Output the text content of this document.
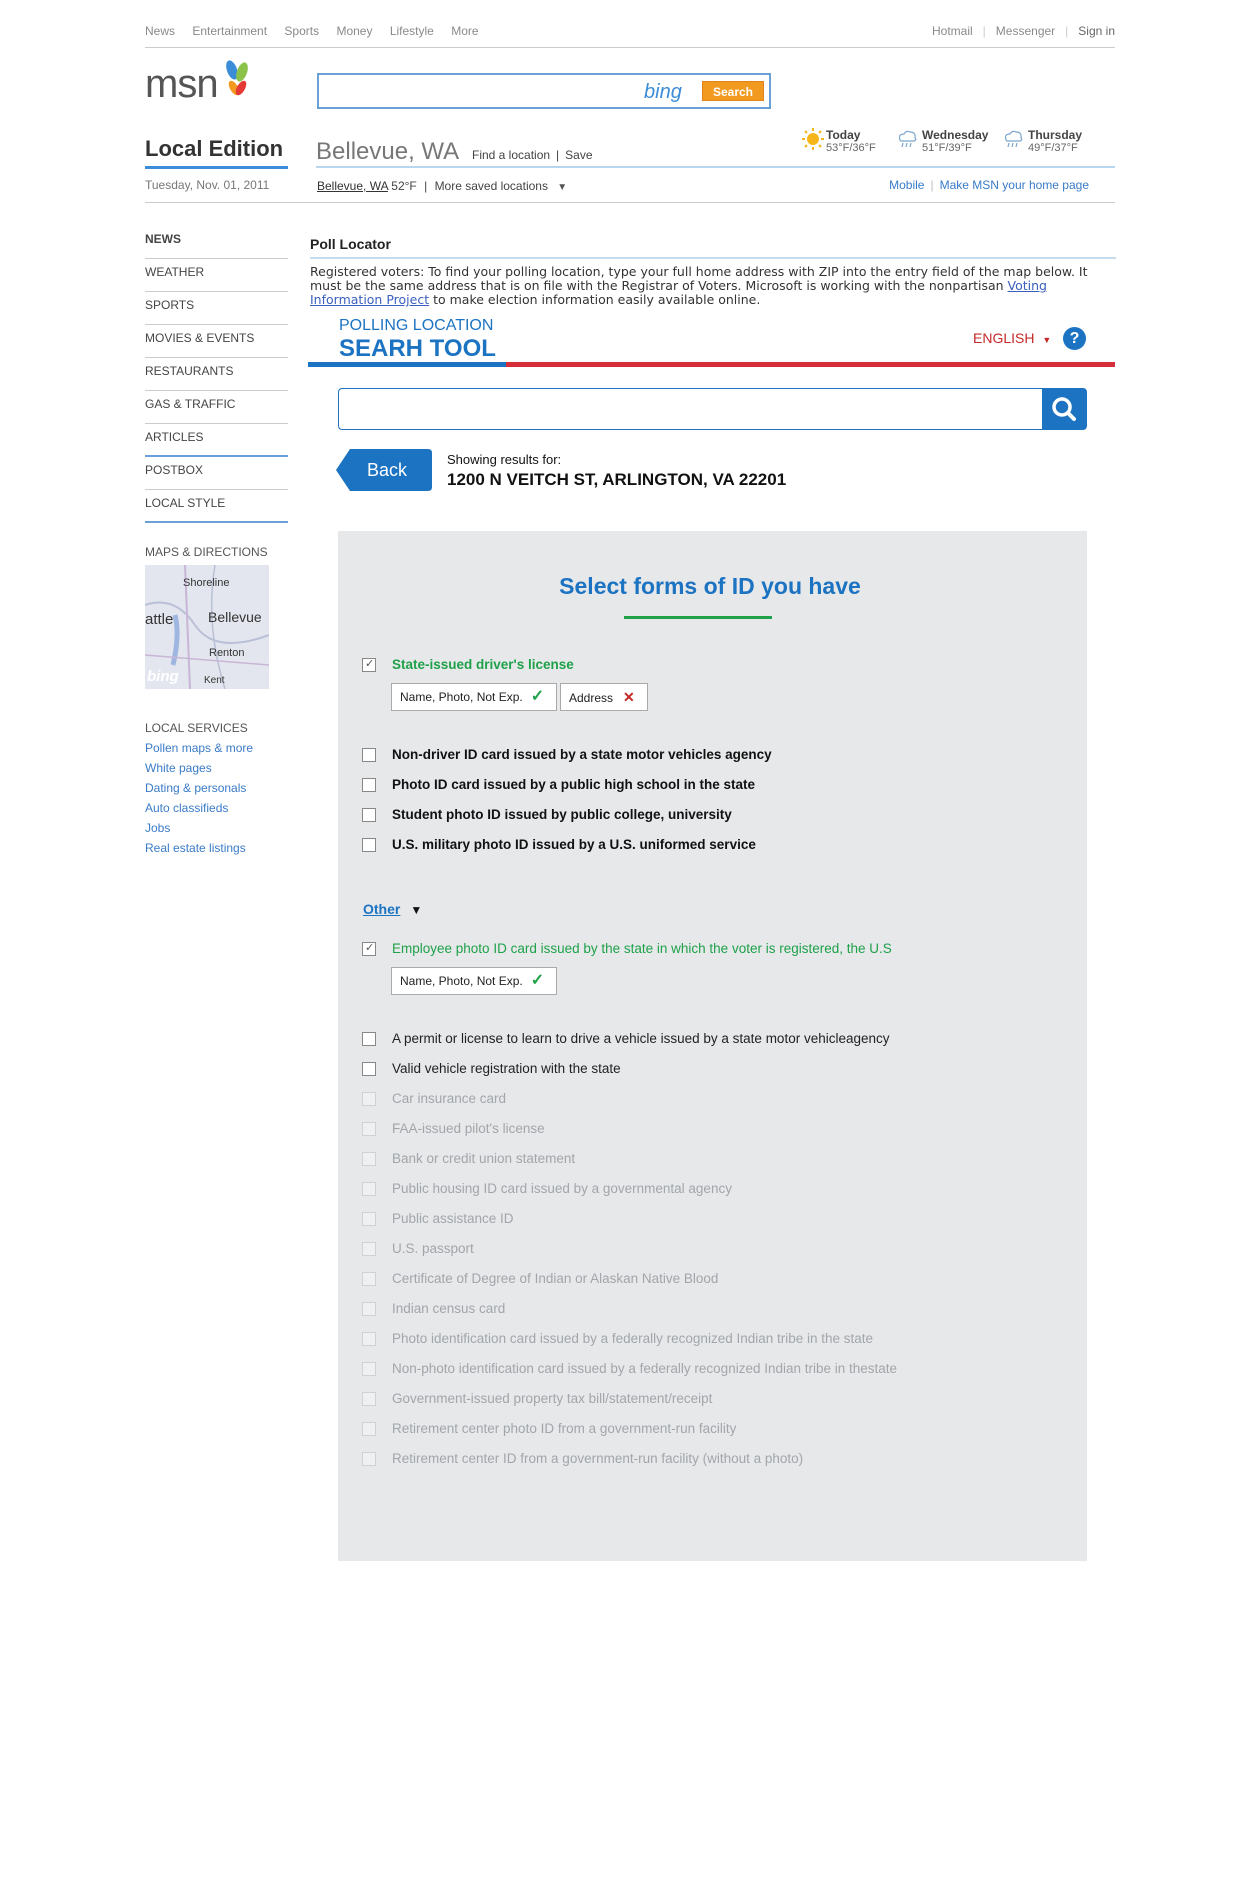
News Entertainment Sports Money Lifestyle More	Hotmail | Messenger | Sign in
msn	bing	Search
Local Edition Bellevue, WA Find a location | Save
Today
53°F/36°F
Wednesday
51°F/39°F
Thursday
49°F/37°F
Tuesday, Nov. 01, 2011	Bellevue, WA 52°F | More saved locations ▼	Mobile | Make MSN your home page
NEWS
WEATHER
SPORTS
MOVIES & EVENTS
RESTAURANTS
GAS & TRAFFIC
ARTICLES
POSTBOX
LOCAL STYLE
MAPS & DIRECTIONS
Shoreline
attle Bellevue
Renton
Kent
bing
LOCAL SERVICES
Pollen maps & more
White pages
Dating & personals
Auto classifieds
Jobs
Real estate listings
Poll Locator
Registered voters: To find your polling location, type your full home address with ZIP into the entry field of the map below. It must be the same address that is on file with the Registrar of Voters. Microsoft is working with the nonpartisan Voting Information Project to make election information easily available online.
POLLING LOCATION
SEARH TOOL	ENGLISH ▼	?
Back
Showing results for:
1200 N VEITCH ST, ARLINGTON, VA 22201
Select forms of ID you have
✓ State-issued driver's license
Name, Photo, Not Exp. ✓	Address ✕
Non-driver ID card issued by a state motor vehicles agency
Photo ID card issued by a public high school in the state
Student photo ID issued by public college, university
U.S. military photo ID issued by a U.S. uniformed service
Other ▼
✓ Employee photo ID card issued by the state in which the voter is registered, the U.S
Name, Photo, Not Exp. ✓
A permit or license to learn to drive a vehicle issued by a state motor vehicleagency
Valid vehicle registration with the state
Car insurance card
FAA-issued pilot's license
Bank or credit union statement
Public housing ID card issued by a governmental agency
Public assistance ID
U.S. passport
Certificate of Degree of Indian or Alaskan Native Blood
Indian census card
Photo identification card issued by a federally recognized Indian tribe in the state
Non-photo identification card issued by a federally recognized Indian tribe in thestate
Government-issued property tax bill/statement/receipt
Retirement center photo ID from a government-run facility
Retirement center ID from a government-run facility (without a photo)
